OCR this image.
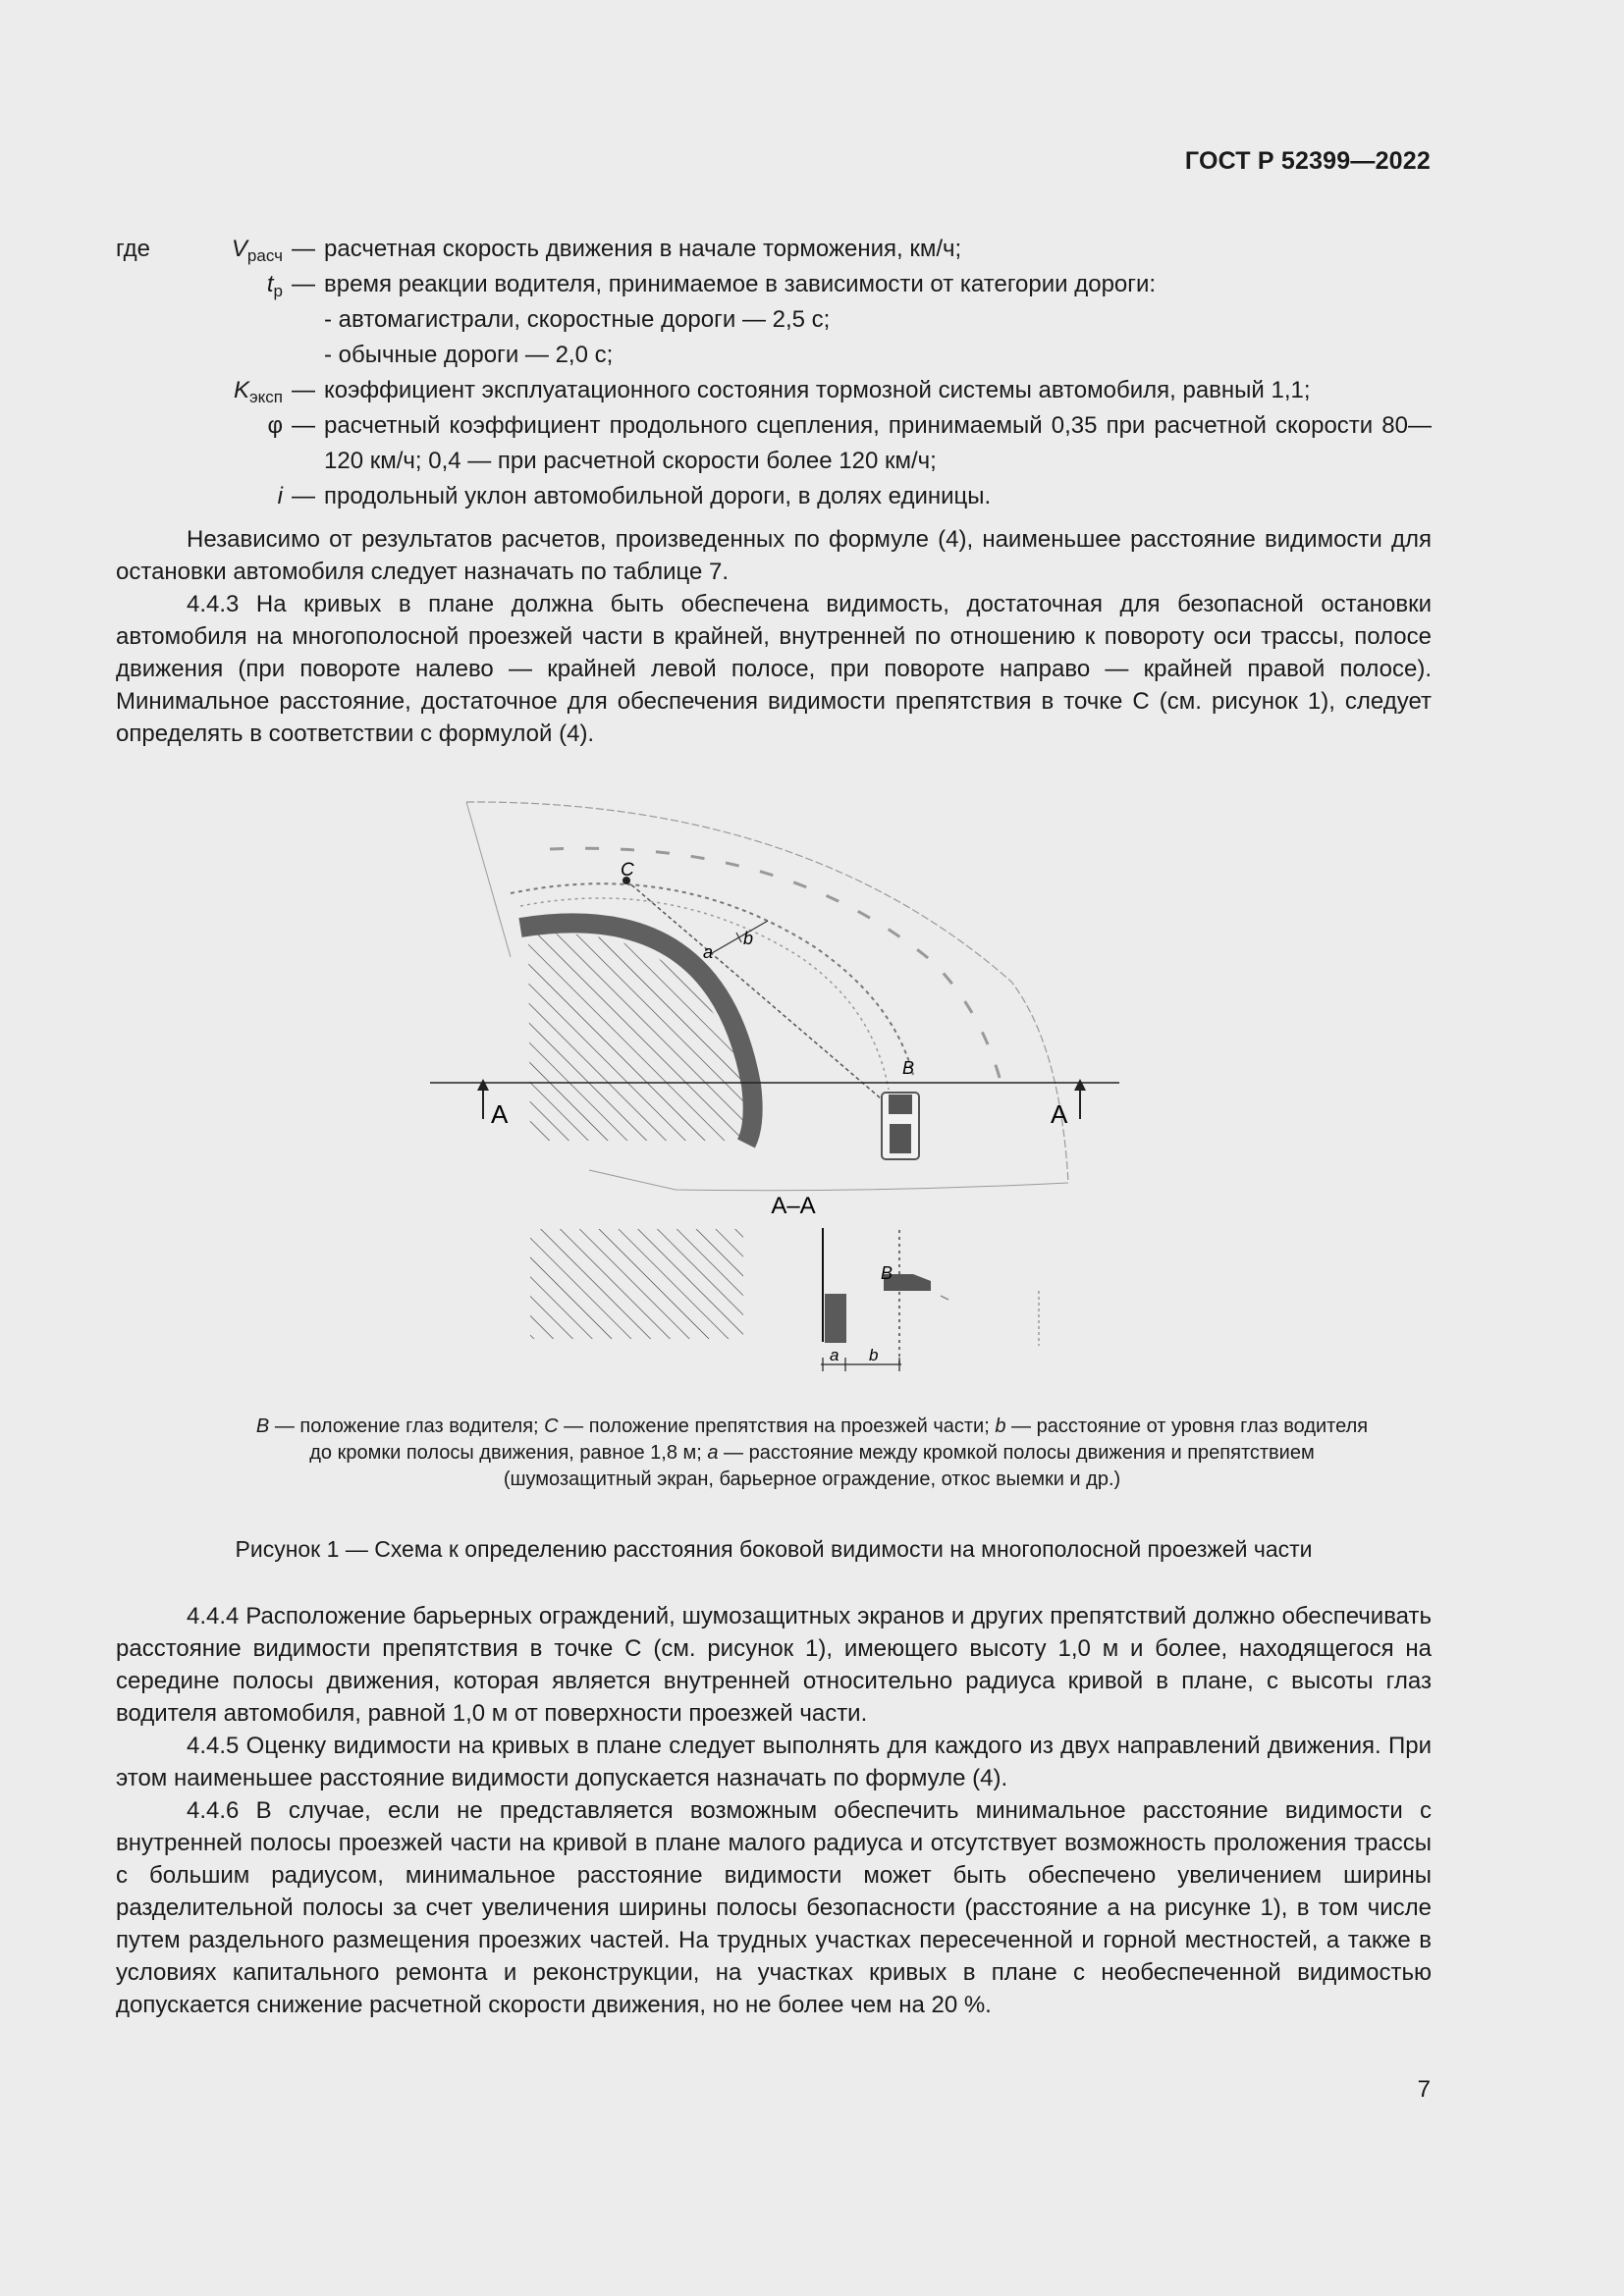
ГОСТ Р 52399—2022
где	$V_{расч}$ — расчетная скорость движения в начале торможения, км/ч;
$t_р$ — время реакции водителя, принимаемое в зависимости от категории дороги:
- автомагистрали, скоростные дороги — 2,5 с;
- обычные дороги — 2,0 с;
$K_{эксп}$ — коэффициент эксплуатационного состояния тормозной системы автомобиля, равный 1,1;
φ — расчетный коэффициент продольного сцепления, принимаемый 0,35 при расчетной скорости 80—120 км/ч; 0,4 — при расчетной скорости более 120 км/ч;
i — продольный уклон автомобильной дороги, в долях единицы.

Независимо от результатов расчетов, произведенных по формуле (4), наименьшее расстояние видимости для остановки автомобиля следует назначать по таблице 7.

4.4.3 На кривых в плане должна быть обеспечена видимость, достаточная для безопасной остановки автомобиля на многополосной проезжей части в крайней, внутренней по отношению к повороту оси трассы, полосе движения (при повороте налево — крайней левой полосе, при повороте направо — крайней правой полосе). Минимальное расстояние, достаточное для обеспечения видимости препятствия в точке C (см. рисунок 1), следует определять в соответствии с формулой (4).

C
a
b
B
A	A
А–А
B
a b
B — положение глаз водителя; C — положение препятствия на проезжей части; b — расстояние от уровня глаз водителя до кромки полосы движения, равное 1,8 м; a — расстояние между кромкой полосы движения и препятствием (шумозащитный экран, барьерное ограждение, откос выемки и др.)
Рисунок 1 — Схема к определению расстояния боковой видимости на многополосной проезжей части

4.4.4 Расположение барьерных ограждений, шумозащитных экранов и других препятствий должно обеспечивать расстояние видимости препятствия в точке C (см. рисунок 1), имеющего высоту 1,0 м и более, находящегося на середине полосы движения, которая является внутренней относительно радиуса кривой в плане, с высоты глаз водителя автомобиля, равной 1,0 м от поверхности проезжей части.

4.4.5 Оценку видимости на кривых в плане следует выполнять для каждого из двух направлений движения. При этом наименьшее расстояние видимости допускается назначать по формуле (4).

4.4.6 В случае, если не представляется возможным обеспечить минимальное расстояние видимости с внутренней полосы проезжей части на кривой в плане малого радиуса и отсутствует возможность проложения трассы с большим радиусом, минимальное расстояние видимости может быть обеспечено увеличением ширины разделительной полосы за счет увеличения ширины полосы безопасности (расстояние a на рисунке 1), в том числе путем раздельного размещения проезжих частей. На трудных участках пересеченной и горной местностей, а также в условиях капитального ремонта и реконструкции, на участках кривых в плане с необеспеченной видимостью допускается снижение расчетной скорости движения, но не более чем на 20 %.

7
